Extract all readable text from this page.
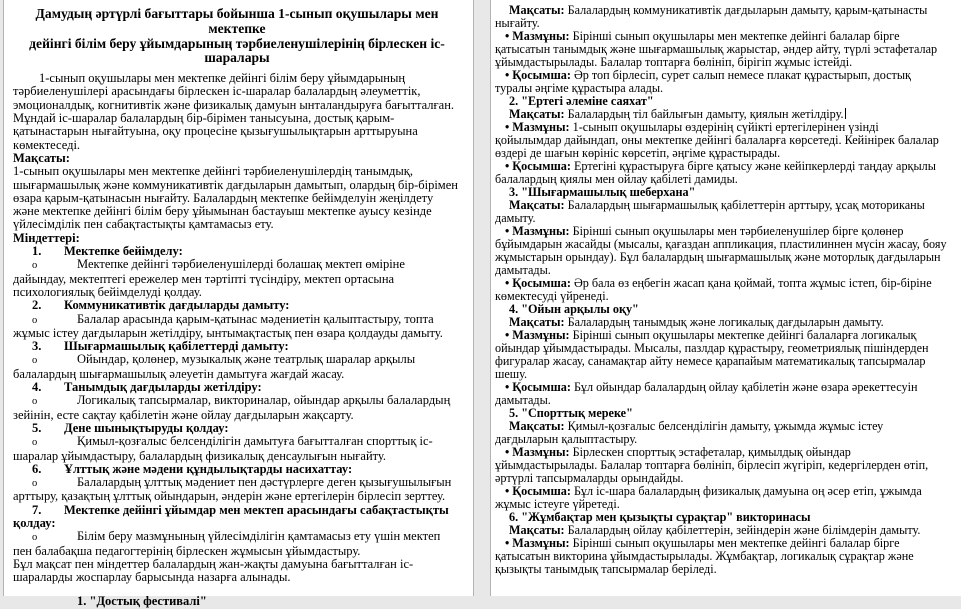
Дамудың әртүрлі бағыттары бойынша 1-сынып оқушылары мен мектепке
дейінгі білім беру ұйымдарының тәрбиеленушілерінің бірлескен іс-
шаралары
1-сынып оқушылары мен мектепке дейінгі білім беру ұйымдарының тәрбиеленушілері арасындағы бірлескен іс-шаралар балалардың әлеуметтік, эмоционалдық, когнитивтік және физикалық дамуын ынталандыруға бағытталған. Мұндай іс-шаралар балалардың бір-бірімен танысуына, достық қарым-қатынастарын нығайтуына, оқу процесіне қызығушылықтарын арттыруына көмектеседі.
Мақсаты:
1-сынып оқушылары мен мектепке дейінгі тәрбиеленушілердің танымдық, шығармашылық және коммуникативтік дағдыларын дамытып, олардың бір-бірімен өзара қарым-қатынасын нығайту. Балалардың мектепке бейімделуін жеңілдету және мектепке дейінгі білім беру ұйымынан бастауыш мектепке ауысу кезінде үйлесімділік пен сабақтастықты қамтамасыз ету.
Міндеттері:
1. Мектепке бейімделу:
o	Мектепке дейінгі тәрбиеленушілерді болашақ мектеп өміріне дайындау, мектептегі ережелер мен тәртіпті түсіндіру, мектеп ортасына психологиялық бейімделуді қолдау.
2. Коммуникативтік дағдыларды дамыту:
o	Балалар арасында қарым-қатынас мәдениетін қалыптастыру, топта жұмыс істеу дағдыларын жетілдіру, ынтымақтастық пен өзара қолдауды дамыту.
3. Шығармашылық қабілеттерді дамыту:
o	Ойындар, қолөнер, музыкалық және театрлық шаралар арқылы балалардың шығармашылық әлеуетін дамытуға жағдай жасау.
4. Танымдық дағдыларды жетілдіру:
o	Логикалық тапсырмалар, викториналар, ойындар арқылы балалардың зейінін, есте сақтау қабілетін және ойлау дағдыларын жақсарту.
5. Дене шынықтыруды қолдау:
o	Қимыл-қозғалыс белсенділігін дамытуға бағытталған спорттық іс-шаралар ұйымдастыру, балалардың физикалық денсаулығын нығайту.
6. Ұлттық және мәдени құндылықтарды насихаттау:
o	Балалардың ұлттық мәдениет пен дәстүрлерге деген қызығушылығын арттыру, қазақтың ұлттық ойындарын, әндерін және ертегілерін бірлесіп зерттеу.
7. Мектепке дейінгі ұйымдар мен мектеп арасындағы сабақтастықты қолдау:
o	Білім беру мазмұнының үйлесімділігін қамтамасыз ету үшін мектеп пен балабақша педагогтерінің бірлескен жұмысын ұйымдастыру.
Бұл мақсат пен міндеттер балалардың жан-жақты дамуына бағытталған іс-шараларды жоспарлау барысында назарға алынады.
1. "Достық фестивалі"
Мақсаты: Балалардың коммуникативтік дағдыларын дамыту, қарым-қатынасты нығайту.
• Мазмұны: Бірінші сынып оқушылары мен мектепке дейінгі балалар бірге қатысатын танымдық және шығармашылық жарыстар, әндер айту, түрлі эстафеталар ұйымдастырылады. Балалар топтарға бөлініп, бірігіп жұмыс істейді.
• Қосымша: Әр топ бірлесіп, сурет салып немесе плакат құрастырып, достық туралы әңгіме құрастыра алады.
2. "Ертегі әлеміне саяхат"
Мақсаты: Балалардың тіл байлығын дамыту, қиялын жетілдіру.
• Мазмұны: 1-сынып оқушылары өздерінің сүйікті ертегілерінен үзінді қойылымдар дайындап, оны мектепке дейінгі балаларға көрсетеді. Кейінірек балалар өздері де шағын көрініс көрсетіп, әңгіме құрастырады.
• Қосымша: Ертегіні құрастыруға бірге қатысу және кейіпкерлерді таңдау арқылы балалардың қиялы мен ойлау қабілеті дамиды.
3. "Шығармашылық шеберхана"
Мақсаты: Балалардың шығармашылық қабілеттерін арттыру, ұсақ моториканы дамыту.
• Мазмұны: Бірінші сынып оқушылары мен тәрбиеленушілер бірге қолөнер бұйымдарын жасайды (мысалы, қағаздан аппликация, пластилиннен мүсін жасау, бояу жұмыстарын орындау). Бұл балалардың шығармашылық және моторлық дағдыларын дамытады.
• Қосымша: Әр бала өз еңбегін жасап қана қоймай, топта жұмыс істеп, бір-біріне көмектесуді үйренеді.
4. "Ойын арқылы оқу"
Мақсаты: Балалардың танымдық және логикалық дағдыларын дамыту.
• Мазмұны: Бірінші сынып оқушылары мектепке дейінгі балаларға логикалық ойындар ұйымдастырады. Мысалы, пазлдар құрастыру, геометриялық пішіндерден фигуралар жасау, санамақтар айту немесе қарапайым математикалық тапсырмалар шешу.
• Қосымша: Бұл ойындар балалардың ойлау қабілетін және өзара әрекеттесуін дамытады.
5. "Спорттық мереке"
Мақсаты: Қимыл-қозғалыс белсенділігін дамыту, ұжымда жұмыс істеу дағдыларын қалыптастыру.
• Мазмұны: Бірлескен спорттық эстафеталар, қимылдық ойындар ұйымдастырылады. Балалар топтарға бөлініп, бірлесіп жүгіріп, кедергілерден өтіп, әртүрлі тапсырмаларды орындайды.
• Қосымша: Бұл іс-шара балалардың физикалық дамуына оң әсер етіп, ұжымда жұмыс істеуге үйретеді.
6. "Жұмбақтар мен қызықты сұрақтар" викторинасы
Мақсаты: Балалардың ойлау қабілеттерін, зейіндерін және білімдерін дамыту.
• Мазмұны: Бірінші сынып оқушылары мен мектепке дейінгі балалар бірге қатысатын викторина ұйымдастырылады. Жұмбақтар, логикалық сұрақтар және қызықты танымдық тапсырмалар беріледі.
